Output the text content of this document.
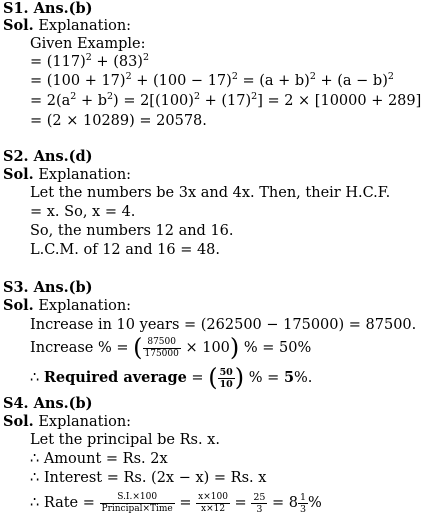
S1. Ans.(b)
Sol. Explanation:
Given Example:
= $(117)^2 + (83)^2$
= $(100 + 17)^2 + (100 - 17)^2 = (a + b)^2 + (a - b)^2$
= $2(a^2 + b^2) = 2[(100)^2 + (17)^2] = 2 \times [10000 + 289]$
= (2 × 10289) = 20578.
S2. Ans.(d)
Sol. Explanation:
Let the numbers be 3x and 4x. Then, their H.C.F.
= x. So, x = 4.
So, the numbers 12 and 16.
L.C.M. of 12 and 16 = 48.
S3. Ans.(b)
Sol. Explanation:
Increase in 10 years = (262500 − 175000) = 87500.
Increase % = ( $\frac{87500}{175000} \times 100$) % = 50%
∴ Required average = ( $\frac{50}{10}$ ) % = 5%.
S4. Ans.(b)
Sol. Explanation:
Let the principal be Rs. x.
∴ Amount = Rs. 2x
∴ Interest = Rs. (2x − x) = Rs. x
∴ Rate = $\frac{S.I.\times 100}{\text{Principal×Time}} = \frac{x\times 100}{x\times 12} = \frac{25}{3} = 8 \frac{1}{3}$ %
